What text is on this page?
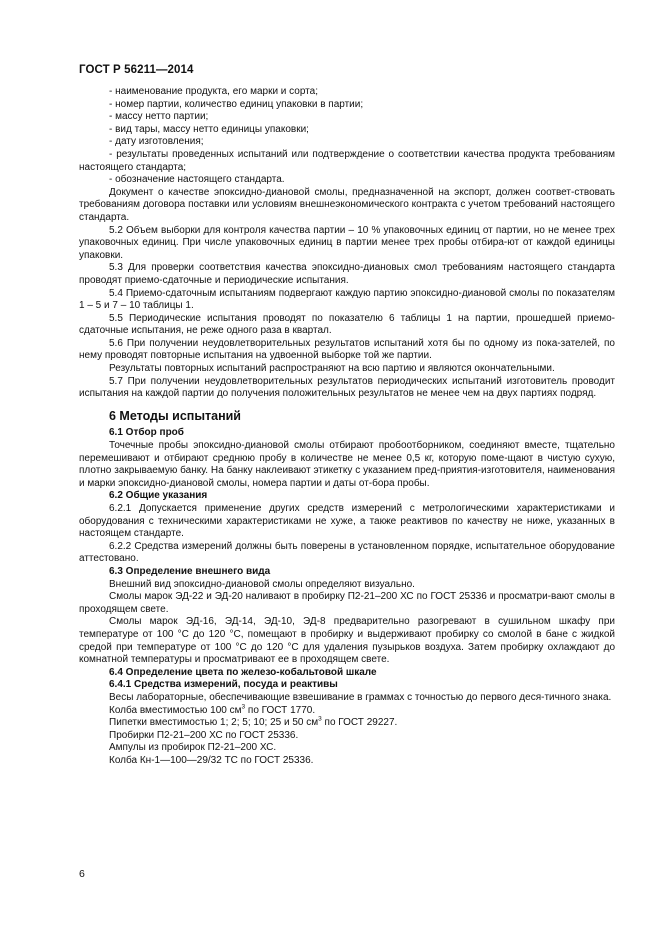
ГОСТ Р 56211—2014

- наименование продукта, его марки и сорта;

- номер партии, количество единиц упаковки в партии;

- массу нетто партии;

- вид тары, массу нетто единицы упаковки;

- дату изготовления;

- результаты проведенных испытаний или подтверждение о соответствии качества продукта требованиям настоящего стандарта;

- обозначение настоящего стандарта.

Документ о качестве эпоксидно-диановой смолы, предназначенной на экспорт, должен соответ-ствовать требованиям договора поставки или условиям внешнеэкономического контракта с учетом требований настоящего стандарта.

5.2 Объем выборки для контроля качества партии – 10 % упаковочных единиц от партии, но не менее трех упаковочных единиц. При числе упаковочных единиц в партии менее трех пробы отбира-ют от каждой единицы упаковки.

5.3 Для проверки соответствия качества эпоксидно-диановых смол требованиям настоящего стандарта проводят приемо-сдаточные и периодические испытания.

5.4 Приемо-сдаточным испытаниям подвергают каждую партию эпоксидно-диановой смолы по показателям 1 – 5 и 7 – 10 таблицы 1.

5.5 Периодические испытания проводят по показателю 6 таблицы 1 на партии, прошедшей приемо-сдаточные испытания, не реже одного раза в квартал.

5.6 При получении неудовлетворительных результатов испытаний хотя бы по одному из пока-зателей, по нему проводят повторные испытания на удвоенной выборке той же партии.

Результаты повторных испытаний распространяют на всю партию и являются окончательными.

5.7 При получении неудовлетворительных результатов периодических испытаний изготовитель проводит испытания на каждой партии до получения положительных результатов не менее чем на двух партиях подряд.

6 Методы испытаний

6.1 Отбор проб

Точечные пробы эпоксидно-диановой смолы отбирают пробоотборником, соединяют вместе, тщательно перемешивают и отбирают среднюю пробу в количестве не менее 0,5 кг, которую поме-щают в чистую сухую, плотно закрываемую банку. На банку наклеивают этикетку с указанием пред-приятия-изготовителя, наименования и марки эпоксидно-диановой смолы, номера партии и даты от-бора пробы.

6.2 Общие указания

6.2.1 Допускается применение других средств измерений с метрологическими характеристиками и оборудования с техническими характеристиками не хуже, а также реактивов по качеству не ниже, указанных в настоящем стандарте.

6.2.2 Средства измерений должны быть поверены в установленном порядке, испытательное оборудование аттестовано.

6.3 Определение внешнего вида

Внешний вид эпоксидно-диановой смолы определяют визуально.

Смолы марок ЭД-22 и ЭД-20 наливают в пробирку П2-21–200 ХС по ГОСТ 25336 и просматри-вают смолы в проходящем свете.

Смолы марок ЭД-16, ЭД-14, ЭД-10, ЭД-8 предварительно разогревают в сушильном шкафу при температуре от 100 °С до 120 °С, помещают в пробирку и выдерживают пробирку со смолой в бане с жидкой средой при температуре от 100 °С до 120 °С для удаления пузырьков воздуха. Затем пробирку охлаждают до комнатной температуры и просматривают ее в проходящем свете.

6.4 Определение цвета по железо-кобальтовой шкале

6.4.1 Средства измерений, посуда и реактивы

Весы лабораторные, обеспечивающие взвешивание в граммах с точностью до первого деся-тичного знака.

Колба вместимостью 100 $см^3$ по ГОСТ 1770.

Пипетки вместимостью 1; 2; 5; 10; 25 и 50 $см^3$ по ГОСТ 29227.

Пробирки П2-21–200 ХС по ГОСТ 25336.

Ампулы из пробирок П2-21–200 ХС.

Колба Кн-1—100—29/32 ТС по ГОСТ 25336.

6
